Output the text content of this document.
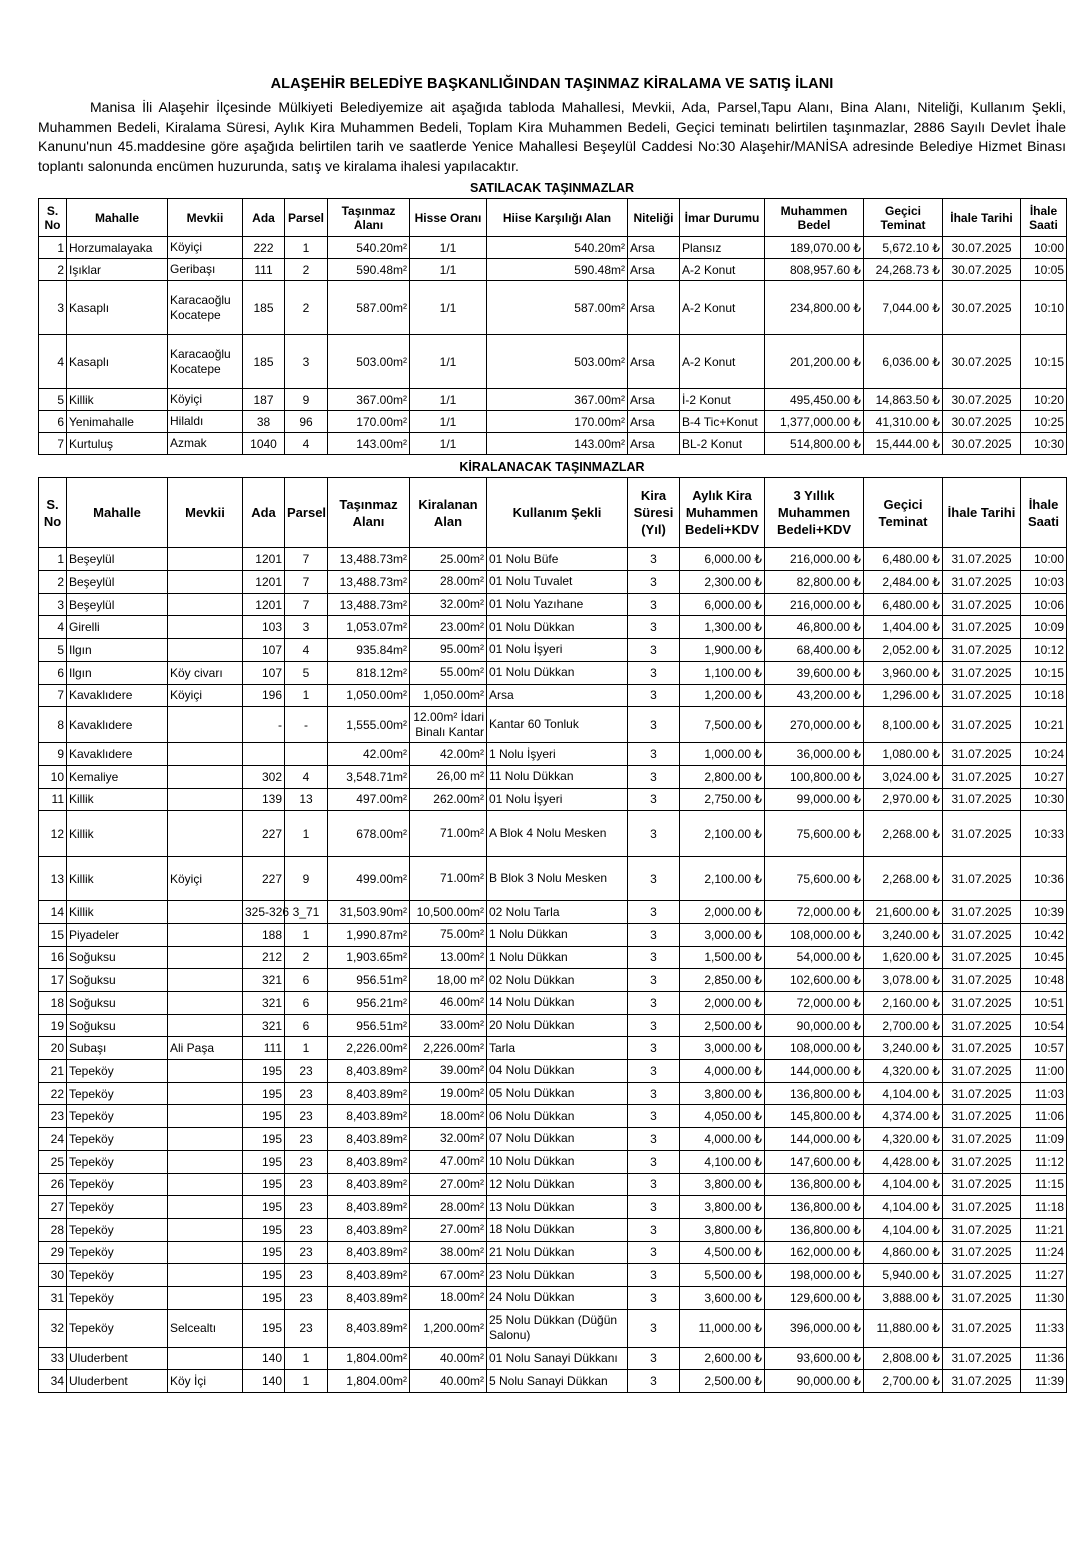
ALAŞEHİR BELEDİYE BAŞKANLIĞINDAN TAŞINMAZ KİRALAMA VE SATIŞ İLANI

Manisa İli Alaşehir İlçesinde Mülkiyeti Belediyemize ait aşağıda tabloda Mahallesi, Mevkii, Ada, Parsel,Tapu Alanı, Bina Alanı, Niteliği, Kullanım Şekli, Muhammen Bedeli, Kiralama Süresi, Aylık Kira Muhammen Bedeli, Toplam Kira Muhammen Bedeli, Geçici teminatı belirtilen taşınmazlar, 2886 Sayılı Devlet İhale Kanunu'nun 45.maddesine göre aşağıda belirtilen tarih ve saatlerde Yenice Mahallesi Beşeylül Caddesi No:30 Alaşehir/MANİSA adresinde Belediye Hizmet Binası toplantı salonunda encümen huzurunda, satış ve kiralama ihalesi yapılacaktır.

SATILACAK TAŞINMAZLAR
S. No	Mahalle	Mevkii	Ada	Parsel	Taşınmaz Alanı	Hisse Oranı	Hiise Karşılığı Alan	Niteliği	İmar Durumu	Muhammen Bedel	Geçici Teminat	İhale Tarihi	İhale Saati
1	Horzumalayaka	Köyiçi	222	1	540.20m²	1/1	540.20m²	Arsa	Plansız	189,070.00 ₺	5,672.10 ₺	30.07.2025	10:00
2	Işıklar	Geribaşı	111	2	590.48m²	1/1	590.48m²	Arsa	A-2 Konut	808,957.60 ₺	24,268.73 ₺	30.07.2025	10:05
3	Kasaplı	Karacaoğlu Kocatepe	185	2	587.00m²	1/1	587.00m²	Arsa	A-2 Konut	234,800.00 ₺	7,044.00 ₺	30.07.2025	10:10
4	Kasaplı	Karacaoğlu Kocatepe	185	3	503.00m²	1/1	503.00m²	Arsa	A-2 Konut	201,200.00 ₺	6,036.00 ₺	30.07.2025	10:15
5	Killik	Köyiçi	187	9	367.00m²	1/1	367.00m²	Arsa	İ-2 Konut	495,450.00 ₺	14,863.50 ₺	30.07.2025	10:20
6	Yenimahalle	Hilaldı	38	96	170.00m²	1/1	170.00m²	Arsa	B-4 Tic+Konut	1,377,000.00 ₺	41,310.00 ₺	30.07.2025	10:25
7	Kurtuluş	Azmak	1040	4	143.00m²	1/1	143.00m²	Arsa	BL-2 Konut	514,800.00 ₺	15,444.00 ₺	30.07.2025	10:30
KİRALANACAK TAŞINMAZLAR
S. No	Mahalle	Mevkii	Ada	Parsel	Taşınmaz Alanı	Kiralanan Alan	Kullanım Şekli	Kira Süresi (Yıl)	Aylık Kira Muhammen Bedeli+KDV	3 Yıllık Muhammen Bedeli+KDV	Geçici Teminat	İhale Tarihi	İhale Saati
1	Beşeylül		1201	7	13,488.73m²	25.00m²	01 Nolu Büfe	3	6,000.00 ₺	216,000.00 ₺	6,480.00 ₺	31.07.2025	10:00
2	Beşeylül		1201	7	13,488.73m²	28.00m²	01 Nolu Tuvalet	3	2,300.00 ₺	82,800.00 ₺	2,484.00 ₺	31.07.2025	10:03
3	Beşeylül		1201	7	13,488.73m²	32.00m²	01 Nolu Yazıhane	3	6,000.00 ₺	216,000.00 ₺	6,480.00 ₺	31.07.2025	10:06
4	Girelli		103	3	1,053.07m²	23.00m²	01 Nolu Dükkan	3	1,300.00 ₺	46,800.00 ₺	1,404.00 ₺	31.07.2025	10:09
5	Ilgın		107	4	935.84m²	95.00m²	01 Nolu İşyeri	3	1,900.00 ₺	68,400.00 ₺	2,052.00 ₺	31.07.2025	10:12
6	Ilgın	Köy civarı	107	5	818.12m²	55.00m²	01 Nolu Dükkan	3	1,100.00 ₺	39,600.00 ₺	3,960.00 ₺	31.07.2025	10:15
7	Kavaklıdere	Köyiçi	196	1	1,050.00m²	1,050.00m²	Arsa	3	1,200.00 ₺	43,200.00 ₺	1,296.00 ₺	31.07.2025	10:18
8	Kavaklıdere		-	-	1,555.00m²	12.00m² İdari Binalı Kantar	Kantar 60 Tonluk	3	7,500.00 ₺	270,000.00 ₺	8,100.00 ₺	31.07.2025	10:21
9	Kavaklıdere				42.00m²	42.00m²	1 Nolu İşyeri	3	1,000.00 ₺	36,000.00 ₺	1,080.00 ₺	31.07.2025	10:24
10	Kemaliye		302	4	3,548.71m²	26,00 m²	11 Nolu Dükkan	3	2,800.00 ₺	100,800.00 ₺	3,024.00 ₺	31.07.2025	10:27
11	Killik		139	13	497.00m²	262.00m²	01 Nolu İşyeri	3	2,750.00 ₺	99,000.00 ₺	2,970.00 ₺	31.07.2025	10:30
12	Killik		227	1	678.00m²	71.00m²	A Blok 4 Nolu Mesken	3	2,100.00 ₺	75,600.00 ₺	2,268.00 ₺	31.07.2025	10:33
13	Killik	Köyiçi	227	9	499.00m²	71.00m²	B Blok 3 Nolu Mesken	3	2,100.00 ₺	75,600.00 ₺	2,268.00 ₺	31.07.2025	10:36
14	Killik		325-326	3_71	31,503.90m²	10,500.00m²	02 Nolu Tarla	3	2,000.00 ₺	72,000.00 ₺	21,600.00 ₺	31.07.2025	10:39
15	Piyadeler		188	1	1,990.87m²	75.00m²	1 Nolu Dükkan	3	3,000.00 ₺	108,000.00 ₺	3,240.00 ₺	31.07.2025	10:42
16	Soğuksu		212	2	1,903.65m²	13.00m²	1 Nolu Dükkan	3	1,500.00 ₺	54,000.00 ₺	1,620.00 ₺	31.07.2025	10:45
17	Soğuksu		321	6	956.51m²	18,00 m²	02 Nolu Dükkan	3	2,850.00 ₺	102,600.00 ₺	3,078.00 ₺	31.07.2025	10:48
18	Soğuksu		321	6	956.21m²	46.00m²	14 Nolu Dükkan	3	2,000.00 ₺	72,000.00 ₺	2,160.00 ₺	31.07.2025	10:51
19	Soğuksu		321	6	956.51m²	33.00m²	20 Nolu Dükkan	3	2,500.00 ₺	90,000.00 ₺	2,700.00 ₺	31.07.2025	10:54
20	Subaşı	Ali Paşa	111	1	2,226.00m²	2,226.00m²	Tarla	3	3,000.00 ₺	108,000.00 ₺	3,240.00 ₺	31.07.2025	10:57
21	Tepeköy		195	23	8,403.89m²	39.00m²	04 Nolu Dükkan	3	4,000.00 ₺	144,000.00 ₺	4,320.00 ₺	31.07.2025	11:00
22	Tepeköy		195	23	8,403.89m²	19.00m²	05 Nolu Dükkan	3	3,800.00 ₺	136,800.00 ₺	4,104.00 ₺	31.07.2025	11:03
23	Tepeköy		195	23	8,403.89m²	18.00m²	06 Nolu Dükkan	3	4,050.00 ₺	145,800.00 ₺	4,374.00 ₺	31.07.2025	11:06
24	Tepeköy		195	23	8,403.89m²	32.00m²	07 Nolu Dükkan	3	4,000.00 ₺	144,000.00 ₺	4,320.00 ₺	31.07.2025	11:09
25	Tepeköy		195	23	8,403.89m²	47.00m²	10 Nolu Dükkan	3	4,100.00 ₺	147,600.00 ₺	4,428.00 ₺	31.07.2025	11:12
26	Tepeköy		195	23	8,403.89m²	27.00m²	12 Nolu Dükkan	3	3,800.00 ₺	136,800.00 ₺	4,104.00 ₺	31.07.2025	11:15
27	Tepeköy		195	23	8,403.89m²	28.00m²	13 Nolu Dükkan	3	3,800.00 ₺	136,800.00 ₺	4,104.00 ₺	31.07.2025	11:18
28	Tepeköy		195	23	8,403.89m²	27.00m²	18 Nolu Dükkan	3	3,800.00 ₺	136,800.00 ₺	4,104.00 ₺	31.07.2025	11:21
29	Tepeköy		195	23	8,403.89m²	38.00m²	21 Nolu Dükkan	3	4,500.00 ₺	162,000.00 ₺	4,860.00 ₺	31.07.2025	11:24
30	Tepeköy		195	23	8,403.89m²	67.00m²	23 Nolu Dükkan	3	5,500.00 ₺	198,000.00 ₺	5,940.00 ₺	31.07.2025	11:27
31	Tepeköy		195	23	8,403.89m²	18.00m²	24 Nolu Dükkan	3	3,600.00 ₺	129,600.00 ₺	3,888.00 ₺	31.07.2025	11:30
32	Tepeköy	Selcealtı	195	23	8,403.89m²	1,200.00m²	25 Nolu Dükkan (Düğün Salonu)	3	11,000.00 ₺	396,000.00 ₺	11,880.00 ₺	31.07.2025	11:33
33	Uluderbent		140	1	1,804.00m²	40.00m²	01 Nolu Sanayi Dükkanı	3	2,600.00 ₺	93,600.00 ₺	2,808.00 ₺	31.07.2025	11:36
34	Uluderbent	Köy İçi	140	1	1,804.00m²	40.00m²	5 Nolu Sanayi Dükkan	3	2,500.00 ₺	90,000.00 ₺	2,700.00 ₺	31.07.2025	11:39
